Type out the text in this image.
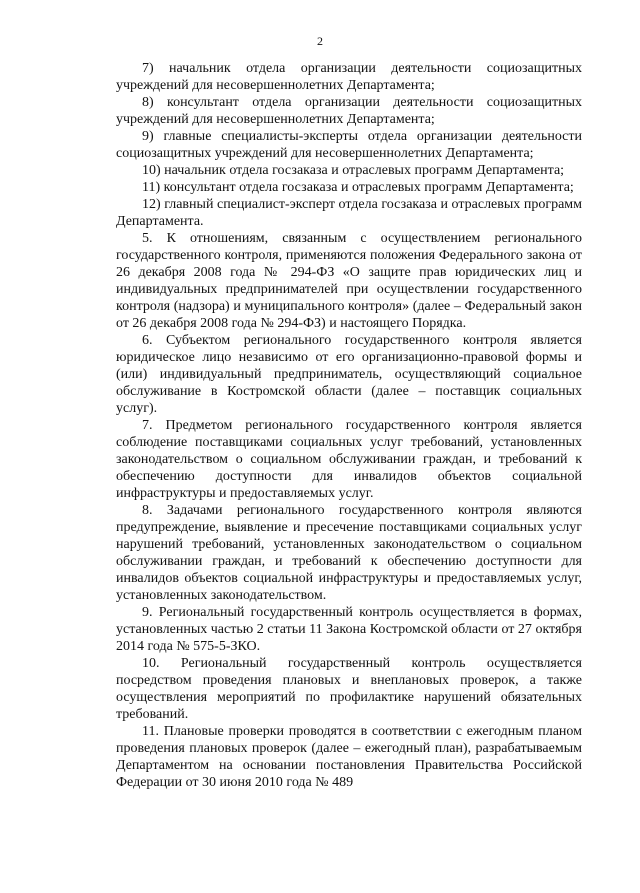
2

7) начальник отдела организации деятельности социозащитных учреждений для несовершеннолетних Департамента;

8) консультант отдела организации деятельности социозащитных учреждений для несовершеннолетних Департамента;

9) главные специалисты-эксперты отдела организации деятельности социозащитных учреждений для несовершеннолетних Департамента;

10) начальник отдела госзаказа и отраслевых программ Департамента;

11) консультант отдела госзаказа и отраслевых программ Департамента;

12) главный специалист-эксперт отдела госзаказа и отраслевых программ Департамента.

5. К отношениям, связанным с осуществлением регионального государственного контроля, применяются положения Федерального закона от 26 декабря 2008 года № 294-ФЗ «О защите прав юридических лиц и индивидуальных предпринимателей при осуществлении государственного контроля (надзора) и муниципального контроля» (далее – Федеральный закон от 26 декабря 2008 года № 294-ФЗ) и настоящего Порядка.

6. Субъектом регионального государственного контроля является юридическое лицо независимо от его организационно-правовой формы и (или) индивидуальный предприниматель, осуществляющий социальное обслуживание в Костромской области (далее – поставщик социальных услуг).

7. Предметом регионального государственного контроля является соблюдение поставщиками социальных услуг требований, установленных законодательством о социальном обслуживании граждан, и требований к обеспечению доступности для инвалидов объектов социальной инфраструктуры и предоставляемых услуг.

8. Задачами регионального государственного контроля являются предупреждение, выявление и пресечение поставщиками социальных услуг нарушений требований, установленных законодательством о социальном обслуживании граждан, и требований к обеспечению доступности для инвалидов объектов социальной инфраструктуры и предоставляемых услуг, установленных законодательством.

9. Региональный государственный контроль осуществляется в формах, установленных частью 2 статьи 11 Закона Костромской области от 27 октября 2014 года № 575-5-ЗКО.

10. Региональный государственный контроль осуществляется посредством проведения плановых и внеплановых проверок, а также осуществления мероприятий по профилактике нарушений обязательных требований.

11. Плановые проверки проводятся в соответствии с ежегодным планом проведения плановых проверок (далее – ежегодный план), разрабатываемым Департаментом на основании постановления Правительства Российской Федерации от 30 июня 2010 года № 489
